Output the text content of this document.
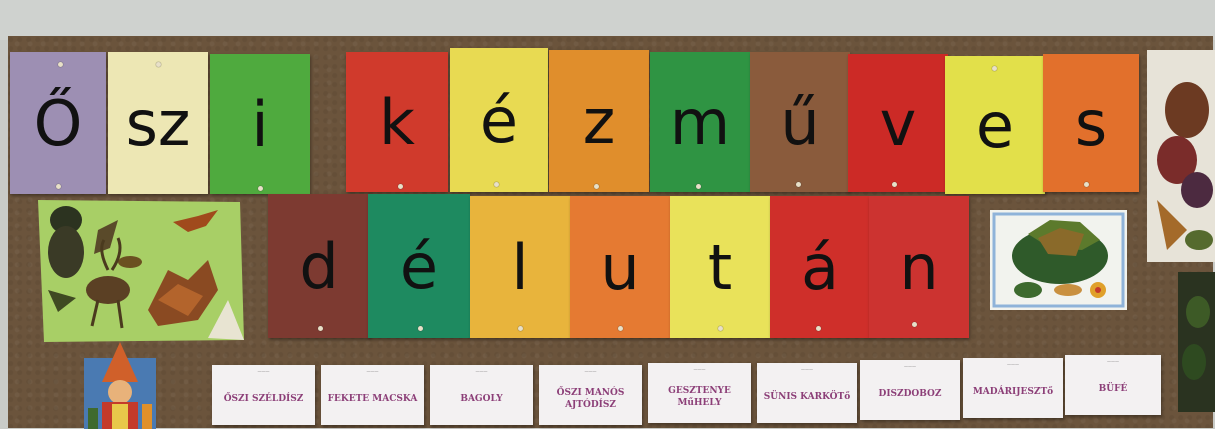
Ő sz i k é z m ű v e s
d é l u t á n
———
ŐSZI SZÉLDÍSZ
———
FEKETE MACSKA
———
BAGOLY
———
ŐSZI MANÓS AJTÓDÍSZ
———
GESZTENYE MűHELY
———
SÜNIS KARKÖTő
———
DISZDOBOZ
———
MADÁRIJESZTő
———
BÜFÉ
